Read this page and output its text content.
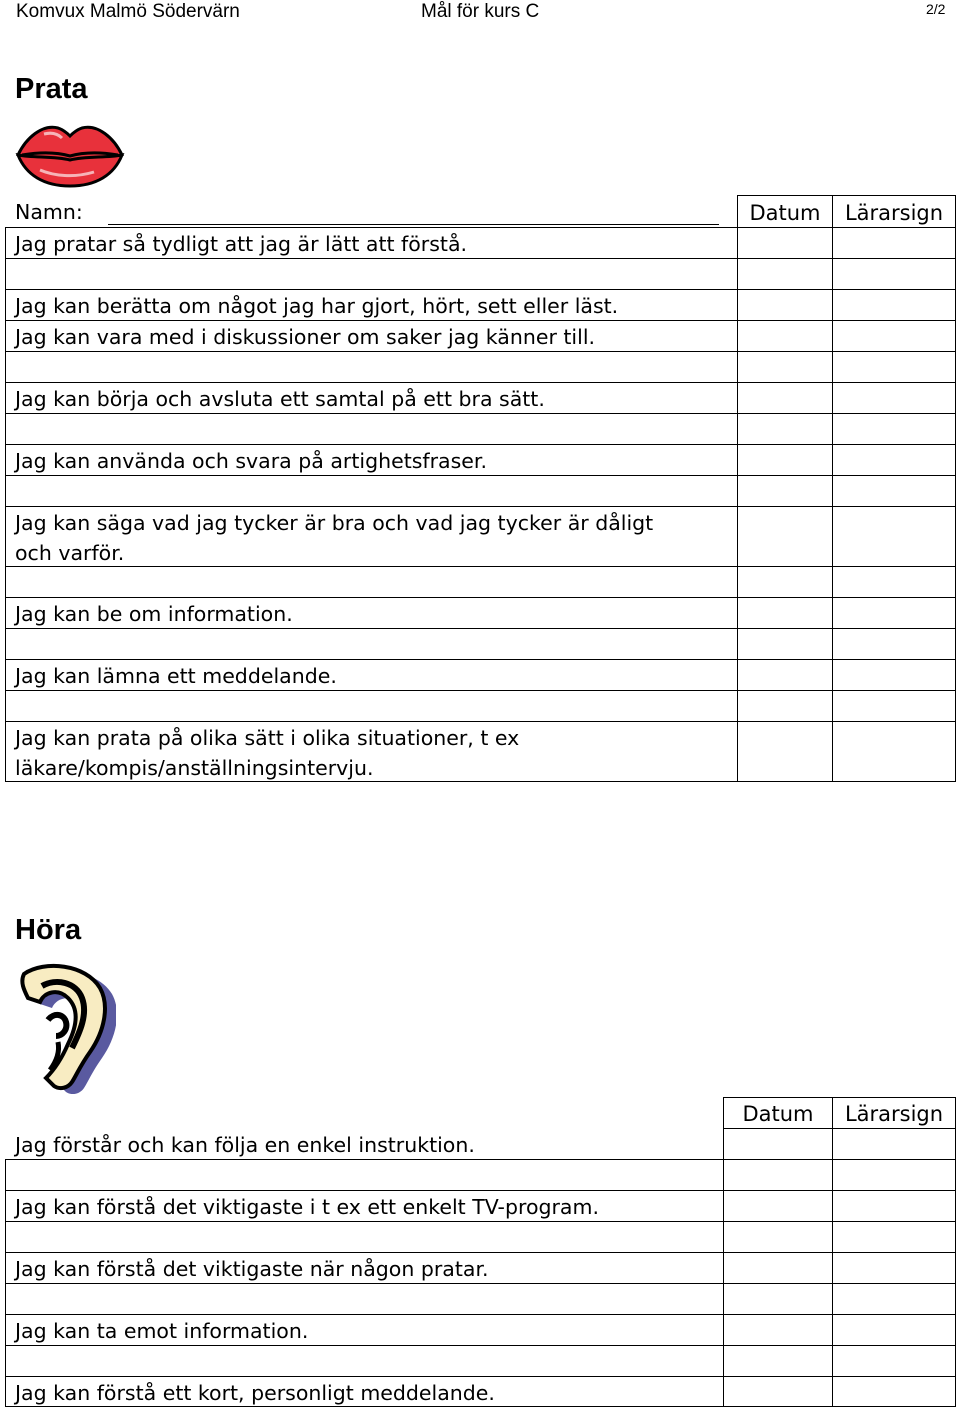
Komvux Malmö Södervärn	Mål för kurs C	2/2
Prata
Namn:	Datum	Lärarsign
Jag pratar så tydligt att jag är lätt att förstå.
Jag kan berätta om något jag har gjort, hört, sett eller läst.
Jag kan vara med i diskussioner om saker jag känner till.
Jag kan börja och avsluta ett samtal på ett bra sätt.
Jag kan använda och svara på artighetsfraser.
Jag kan säga vad jag tycker är bra och vad jag tycker är dåligt
och varför.
Jag kan be om information.
Jag kan lämna ett meddelande.
Jag kan prata på olika sätt i olika situationer, t ex
läkare/kompis/anställningsintervju.
Höra
Datum	Lärarsign
Jag förstår och kan följa en enkel instruktion.
Jag kan förstå det viktigaste i t ex ett enkelt TV-program.
Jag kan förstå det viktigaste när någon pratar.
Jag kan ta emot information.
Jag kan förstå ett kort, personligt meddelande.
